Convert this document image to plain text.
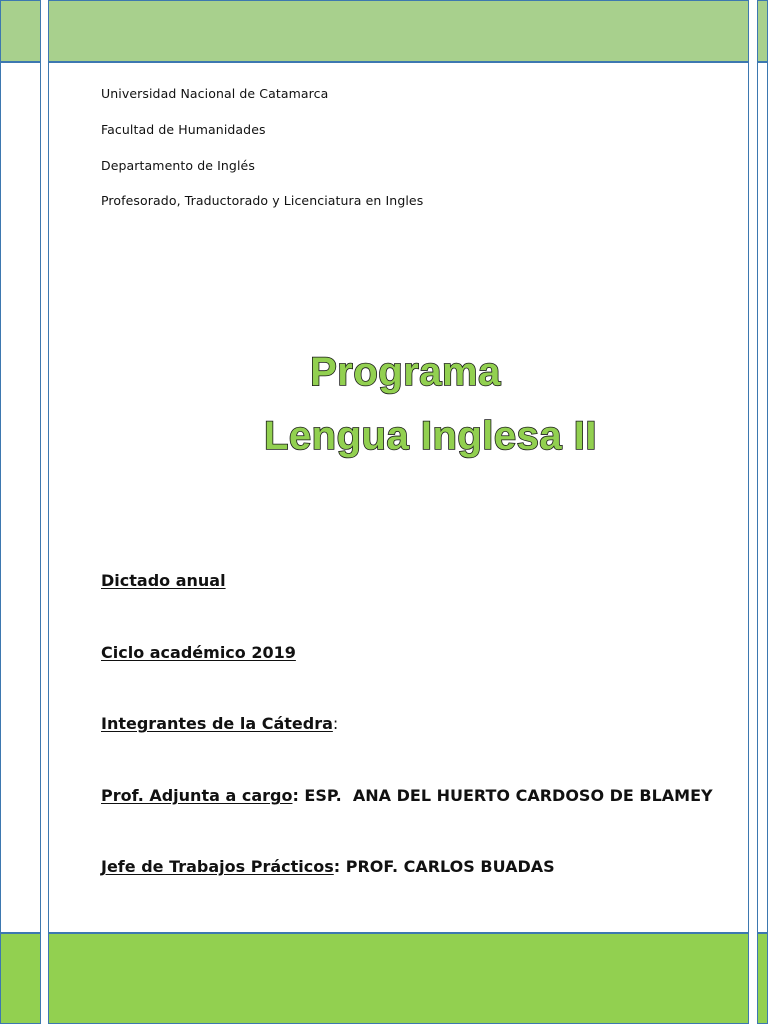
Universidad Nacional de Catamarca
Facultad de Humanidades
Departamento de Inglés
Profesorado, Traductorado y Licenciatura en Ingles
Programa
Lengua Inglesa II
Dictado anual
Ciclo académico 2019
Integrantes de la Cátedra:
Prof. Adjunta a cargo: ESP.  ANA DEL HUERTO CARDOSO DE BLAMEY
Jefe de Trabajos Prácticos: PROF. CARLOS BUADAS
